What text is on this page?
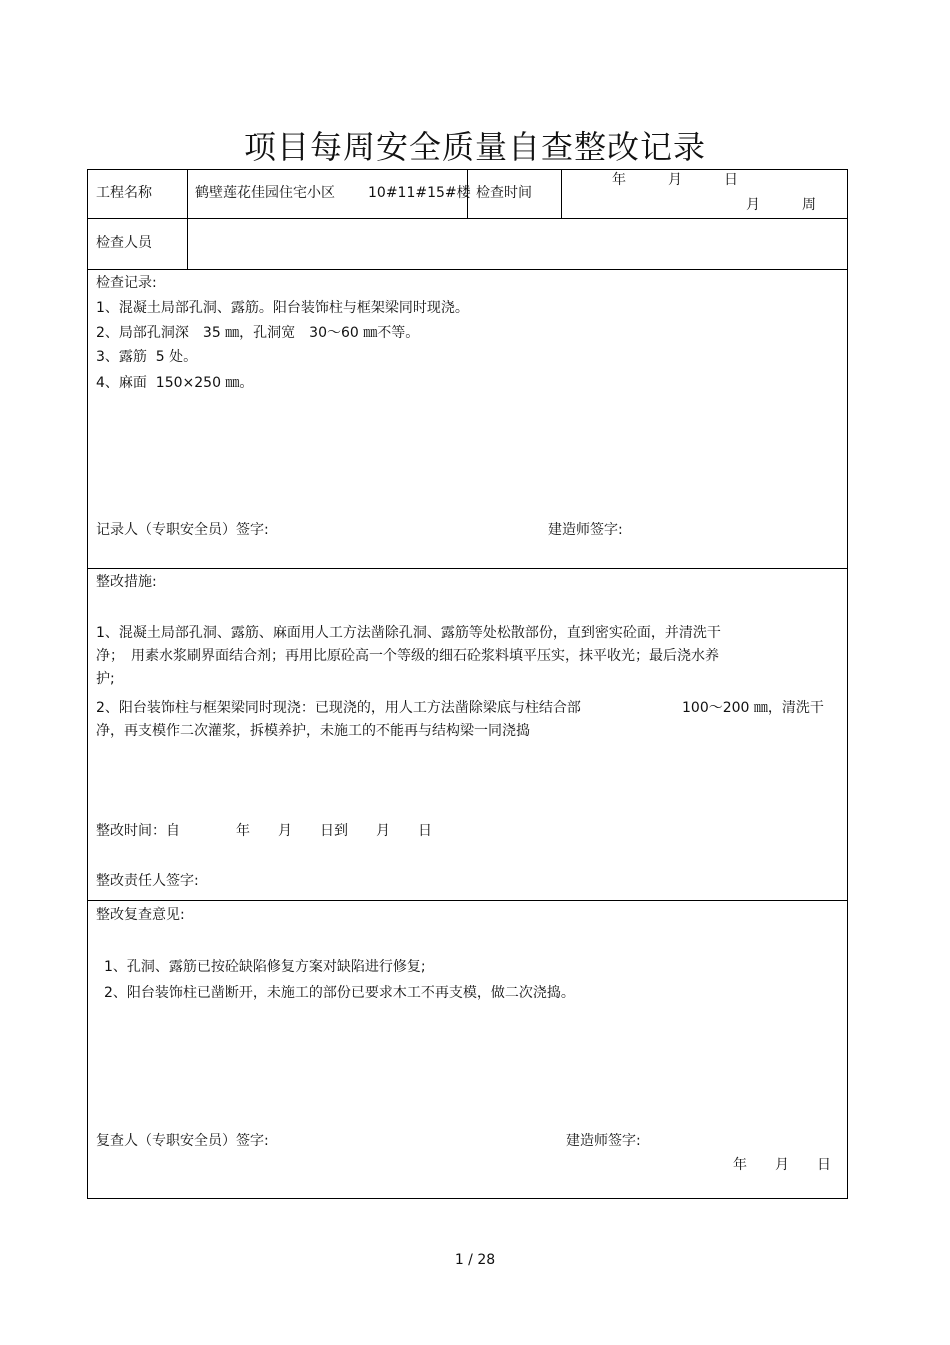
项目每周安全质量自查整改记录
工程名称	鹤壁莲花佳园住宅小区 10#11#15#楼 检查时间
年　　　月　　　日
月　　　周
检查人员
检查记录:
1、混凝土局部孔洞、露筋。阳台装饰柱与框架梁同时现浇。
2、局部孔洞深　35 ㎜，孔洞宽　30～60 ㎜不等。
3、露筋  5 处。
4、麻面  150×250 ㎜。
记录人（专职安全员）签字:	建造师签字:
整改措施:
1、混凝土局部孔洞、露筋、麻面用人工方法凿除孔洞、露筋等处松散部份，直到密实砼面，并清洗干
净；　用素水浆刷界面结合剂；再用比原砼高一个等级的细石砼浆料填平压实，抹平收光；最后浇水养
护;
2、阳台装饰柱与框架梁同时现浇：已现浇的，用人工方法凿除梁底与柱结合部	100～200 ㎜，清洗干
净，再支模作二次灌浆，拆模养护，未施工的不能再与结构梁一同浇捣
整改时间：自　　　　年　　月　　日到　　月　　日
整改责任人签字:
整改复查意见:
1、孔洞、露筋已按砼缺陷修复方案对缺陷进行修复;
2、阳台装饰柱已凿断开，未施工的部份已要求木工不再支模，做二次浇捣。
复查人（专职安全员）签字:	建造师签字:
年　　月　　日
1 / 28
